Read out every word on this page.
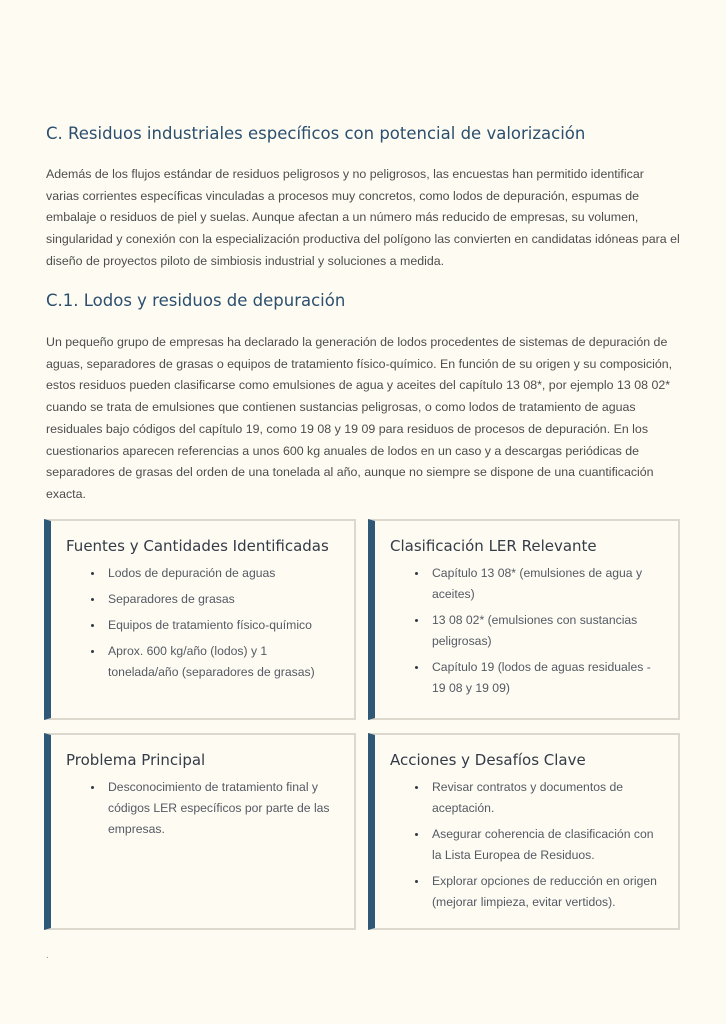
C. Residuos industriales específicos con potencial de valorización

Además de los flujos estándar de residuos peligrosos y no peligrosos, las encuestas han permitido identificar varias corrientes específicas vinculadas a procesos muy concretos, como lodos de depuración, espumas de embalaje o residuos de piel y suelas. Aunque afectan a un número más reducido de empresas, su volumen, singularidad y conexión con la especialización productiva del polígono las convierten en candidatas idóneas para el diseño de proyectos piloto de simbiosis industrial y soluciones a medida.

C.1. Lodos y residuos de depuración

Un pequeño grupo de empresas ha declarado la generación de lodos procedentes de sistemas de depuración de aguas, separadores de grasas o equipos de tratamiento físico-químico. En función de su origen y su composición, estos residuos pueden clasificarse como emulsiones de agua y aceites del capítulo 13 08*, por ejemplo 13 08 02* cuando se trata de emulsiones que contienen sustancias peligrosas, o como lodos de tratamiento de aguas residuales bajo códigos del capítulo 19, como 19 08 y 19 09 para residuos de procesos de depuración. En los cuestionarios aparecen referencias a unos 600 kg anuales de lodos en un caso y a descargas periódicas de separadores de grasas del orden de una tonelada al año, aunque no siempre se dispone de una cuantificación exacta.

Fuentes y Cantidades Identificadas
• Lodos de depuración de aguas
• Separadores de grasas
• Equipos de tratamiento físico-químico
• Aprox. 600 kg/año (lodos) y 1 tonelada/año (separadores de grasas)
Clasificación LER Relevante
• Capítulo 13 08* (emulsiones de agua y aceites)
• 13 08 02* (emulsiones con sustancias peligrosas)
• Capítulo 19 (lodos de aguas residuales - 19 08 y 19 09)
Problema Principal
• Desconocimiento de tratamiento final y códigos LER específicos por parte de las empresas.
Acciones y Desafíos Clave
• Revisar contratos y documentos de aceptación.
• Asegurar coherencia de clasificación con la Lista Europea de Residuos.
• Explorar opciones de reducción en origen (mejorar limpieza, evitar vertidos).
.
